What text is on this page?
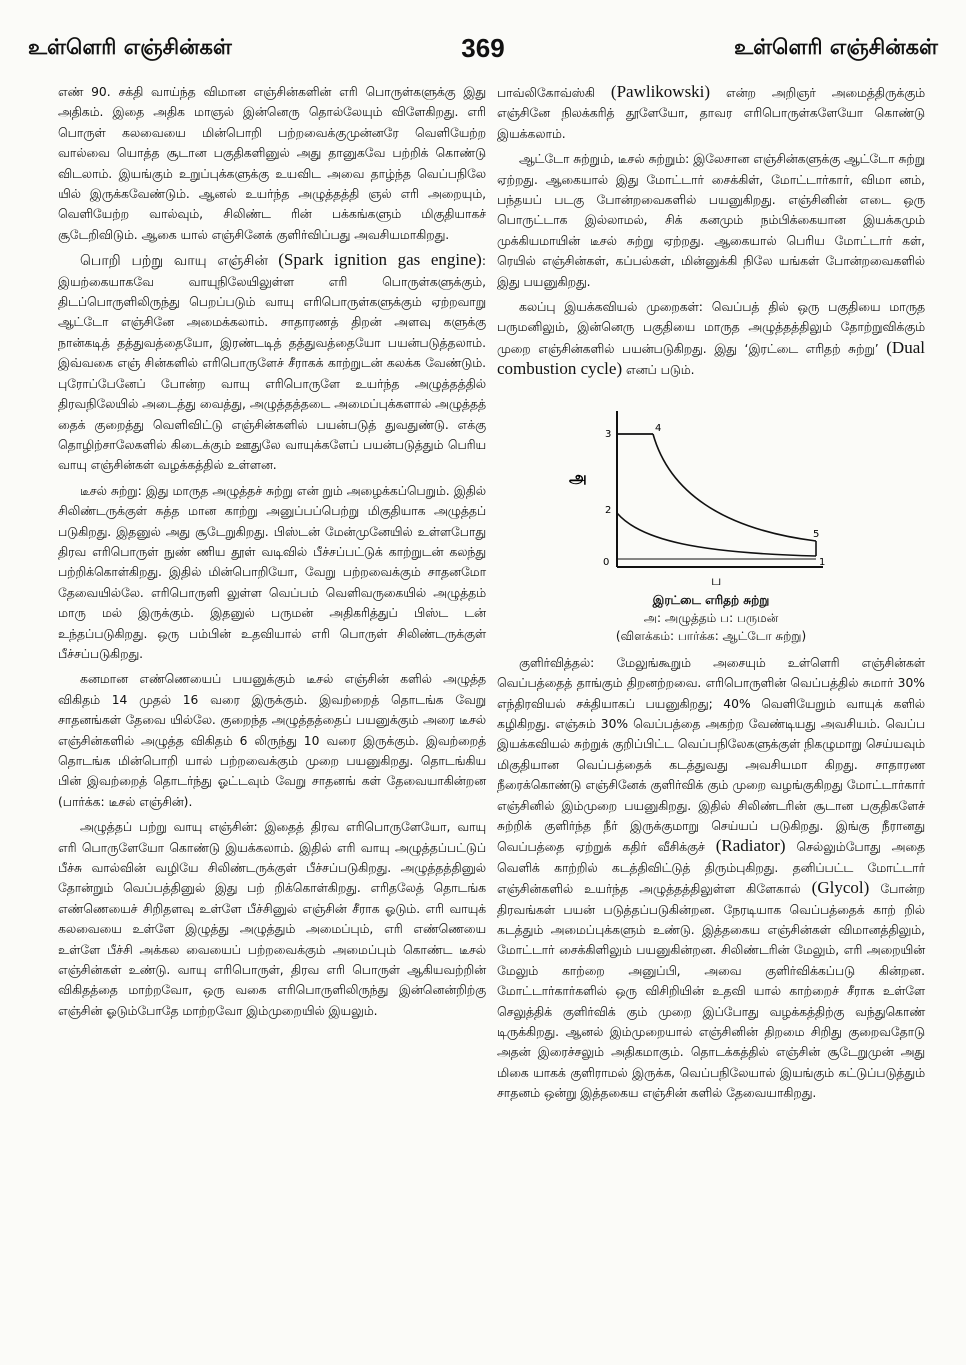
உள்ளெரி எஞ்சின்கள்	369	உள்ளெரி எஞ்சின்கள்

எண் 90. சக்தி வாய்ந்த விமான எஞ்சின்களின் எரி பொருள்களுக்கு இது அதிகம். இதை அதிக மாஞல் இன்னெரு தொல்லேயும் விளேகிறது. எரி பொருள் கலவையை மின்பொறி பற்றவைக்குமுன்னரே வெளியேற்ற வால்வை யொத்த சூடான பகுதிகளினுல் அது தானுகவே பற்றிக் கொண்டு விடலாம். இயங்கும் உறுப்புக்களுக்கு உயவிட அவை தாழ்ந்த வெப்பநிலே யில் இருக்கவேண்டும். ஆனல் உயர்ந்த அழுத்தத்தி ஞல் எரி அறையும், வெளியேற்ற வால்வும், சிலிண்ட ரின் பக்கங்களும் மிகுதியாகச் சூடேறிவிடும். ஆகை யால் எஞ்சினேக் குளிர்விப்பது அவசியமாகிறது.

பொறி பற்று வாயு எஞ்சின் (Spark ignition gas engine): இயற்கையாகவே வாயுநிலேயிலுள்ள எரி பொருள்களுக்கும், திடப்பொருளிலிருந்து பெறப்படும் வாயு எரிபொருள்களுக்கும் ஏற்றவாறு ஆட்டோ எஞ்சினே அமைக்கலாம். சாதாரணத் திறன் அளவு களுக்கு நான்கடித் தத்துவத்தையோ, இரண்டடித் தத்துவத்தையோ பயன்படுத்தலாம். இவ்வகை எஞ் சின்களில் எரிபொருளேச் சீராகக் காற்றுடன் கலக்க வேண்டும். புரோப்பேனேப் போன்ற வாயு எரிபொருளே உயர்ந்த அழுத்தத்தில் திரவநிலேயில் அடைத்து வைத்து, அழுத்தத்தடை அமைப்புக்களால் அழுத்தத் தைக் குறைத்து வெளிவிட்டு எஞ்சின்களில் பயன்படுத் துவதுண்டு. எக்கு தொழிற்சாலேகளில் கிடைக்கும் ஊதுலே வாயுக்களேப் பயன்படுத்தும் பெரிய வாயு எஞ்சின்கள் வழக்கத்தில் உள்ளன.

டீசல் சுற்று: இது மாருத அழுத்தச் சுற்று என் றும் அழைக்கப்பெறும். இதில் சிலிண்டருக்குள் சுத்த மான காற்று அனுப்பப்பெற்று மிகுதியாக அழுத்தப் படுகிறது. இதனுல் அது சூடேறுகிறது. பிஸ்டன் மேன்முனேயில் உள்ளபோது திரவ எரிபொருள் நுண் ணிய தூள் வடிவில் பீச்சப்பட்டுக் காற்றுடன் கலந்து பற்றிக்கொள்கிறது. இதில் மின்பொறியோ, வேறு பற்றவைக்கும் சாதனமோ தேவையில்லே. எரிபொருளி லுள்ள வெப்பம் வெளிவருகையில் அழுத்தம் மாரு மல் இருக்கும். இதனுல் பருமன் அதிகரித்துப் பிஸ்ட டன் உந்தப்படுகிறது. ஒரு பம்பின் உதவியால் எரி பொருள் சிலிண்டருக்குள் பீச்சப்படுகிறது.

கனமான எண்ணெயைப் பயனுக்கும் டீசல் எஞ்சின் களில் அழுத்த விகிதம் 14 முதல் 16 வரை இருக்கும். இவற்றைத் தொடங்க வேறு சாதனங்கள் தேவை யில்லே. குறைந்த அழுத்தத்தைப் பயனுக்கும் அரை டீசல் எஞ்சின்களில் அழுத்த விகிதம் 6 லிருந்து 10 வரை இருக்கும். இவற்றைத் தொடங்க மின்பொறி யால் பற்றவைக்கும் முறை பயனுகிறது. தொடங்கிய பின் இவற்றைத் தொடர்ந்து ஓட்டவும் வேறு சாதனங் கள் தேவையாகின்றன (பார்க்க: டீசல் எஞ்சின்).

அழுத்தப் பற்று வாயு எஞ்சின்: இதைத் திரவ எரிபொருளேயோ, வாயு எரி பொருளேயோ கொண்டு இயக்கலாம். இதில் எரி வாயு அழுத்தப்பட்டுப் பீச்சு வால்வின் வழியே சிலிண்டருக்குள் பீச்சப்படுகிறது. அழுத்தத்தினுல் தோன்றும் வெப்பத்தினுல் இது பற் றிக்கொள்கிறது. எரிதலேத் தொடங்க எண்ணெயைச் சிறிதளவு உள்ளே பீச்சினுல் எஞ்சின் சீராக ஓடும். எரி வாயுக் கலவையை உள்ளே இழுத்து அழுத்தும் அமைப்பும், எரி எண்ணெயை உள்ளே பீச்சி அக்கல வையைப் பற்றவைக்கும் அமைப்பும் கொண்ட டீசல் எஞ்சின்கள் உண்டு. வாயு எரிபொருள், திரவ எரி பொருள் ஆகியவற்றின் விகிதத்தை மாற்றவோ, ஒரு வகை எரிபொருளிலிருந்து இன்னென்றிற்கு எஞ்சின் ஓடும்போதே மாற்றவோ இம்முறையில் இயலும்.

பாவ்லிகோவ்ஸ்கி (Pawlikowski) என்ற அறிஞர் அமைத்திருக்கும் எஞ்சினே நிலக்கரித் தூளேயோ, தாவர எரிபொருள்களேயோ கொண்டு இயக்கலாம்.

ஆட்டோ சுற்றும், டீசல் சுற்றும்: இலேசான எஞ்சின்களுக்கு ஆட்டோ சுற்று ஏற்றது. ஆகையால் இது மோட்டார் சைக்கிள், மோட்டார்கார், விமா னம், பந்தயப் படகு போன்றவைகளில் பயனுகிறது. எஞ்சினின் எடை ஒரு பொருட்டாக இல்லாமல், சிக் கனமும் நம்பிக்கையான இயக்கமும் முக்கியமாயின் டீசல் சுற்று ஏற்றது. ஆகையால் பெரிய மோட்டார் கள், ரெயில் எஞ்சின்கள், கப்பல்கள், மின்னுக்கி நிலே யங்கள் போன்றவைகளில் இது பயனுகிறது.

கலப்பு இயக்கவியல் முறைகள்: வெப்பத் தில் ஒரு பகுதியை மாருத பருமனிலும், இன்னெரு பகுதியை மாருத அழுத்தத்திலும் தோற்றுவிக்கும் முறை எஞ்சின்களில் பயன்படுகிறது. இது ‘இரட்டை எரிதற் சுற்று’ (Dual combustion cycle) எனப் படும்.

அ
ப
0	1
2
3
4
5
இரட்டை எரிதற் சுற்று
அ: அழுத்தம் ப: பருமன்
(விளக்கம்: பார்க்க: ஆட்டோ சுற்று)

குளிர்வித்தல்: மேலுங்கூறும் அசையும் உள்ளெரி எஞ்சின்கள் வெப்பத்தைத் தாங்கும் திறனற்றவை. எரிபொருளின் வெப்பத்தில் சுமார் 30% எந்திரவியல் சக்தியாகப் பயனுகிறது; 40% வெளியேறும் வாயுக் களில் கழிகிறது. எஞ்சும் 30% வெப்பத்தை அகற்ற வேண்டியது அவசியம். வெப்ப இயக்கவியல் சுற்றுக் குறிப்பிட்ட வெப்பநிலேகளுக்குள் நிகழுமாறு செய்யவும் மிகுதியான வெப்பத்தைக் கடத்துவது அவசியமா கிறது. சாதாரண நீரைக்கொண்டு எஞ்சினேக் குளிர்விக் கும் முறை வழங்குகிறது மோட்டார்கார் எஞ்சினில் இம்முறை பயனுகிறது. இதில் சிலிண்டரின் சூடான பகுதிகளேச் சுற்றிக் குளிர்ந்த நீர் இருக்குமாறு செய்யப் படுகிறது. இங்கு நீரானது வெப்பத்தை ஏற்றுக் கதிர் வீசிக்குச் (Radiator) செல்லும்போது அதை வெளிக் காற்றில் கடத்திவிட்டுத் திரும்புகிறது. தனிப்பட்ட மோட்டார் எஞ்சின்களில் உயர்ந்த அழுத்தத்திலுள்ள கிளேகால் (Glycol) போன்ற திரவங்கள் பயன் படுத்தப்படுகின்றன. நேரடியாக வெப்பத்தைக் காற் றில் கடத்தும் அமைப்புக்களும் உண்டு. இத்தகைய எஞ்சின்கள் விமானத்திலும், மோட்டார் சைக்கிளிலும் பயனுகின்றன. சிலிண்டரின் மேலும், எரி அறையின் மேலும் காற்றை அனுப்பி, அவை குளிர்விக்கப்படு கின்றன. மோட்டார்கார்களில் ஒரு விசிறியின் உதவி யால் காற்றைச் சீராக உள்ளே செலுத்திக் குளிர்விக் கும் முறை இப்போது வழக்கத்திற்கு வந்துகொண் டிருக்கிறது. ஆனல் இம்முறையால் எஞ்சினின் திறமை சிறிது குறைவதோடு அதன் இரைச்சலும் அதிகமாகும். தொடக்கத்தில் எஞ்சின் சூடேறுமுன் அது மிகை யாகக் குளிராமல் இருக்க, வெப்பநிலேயால் இயங்கும் கட்டுப்படுத்தும் சாதனம் ஒன்று இத்தகைய எஞ்சின் களில் தேவையாகிறது.
